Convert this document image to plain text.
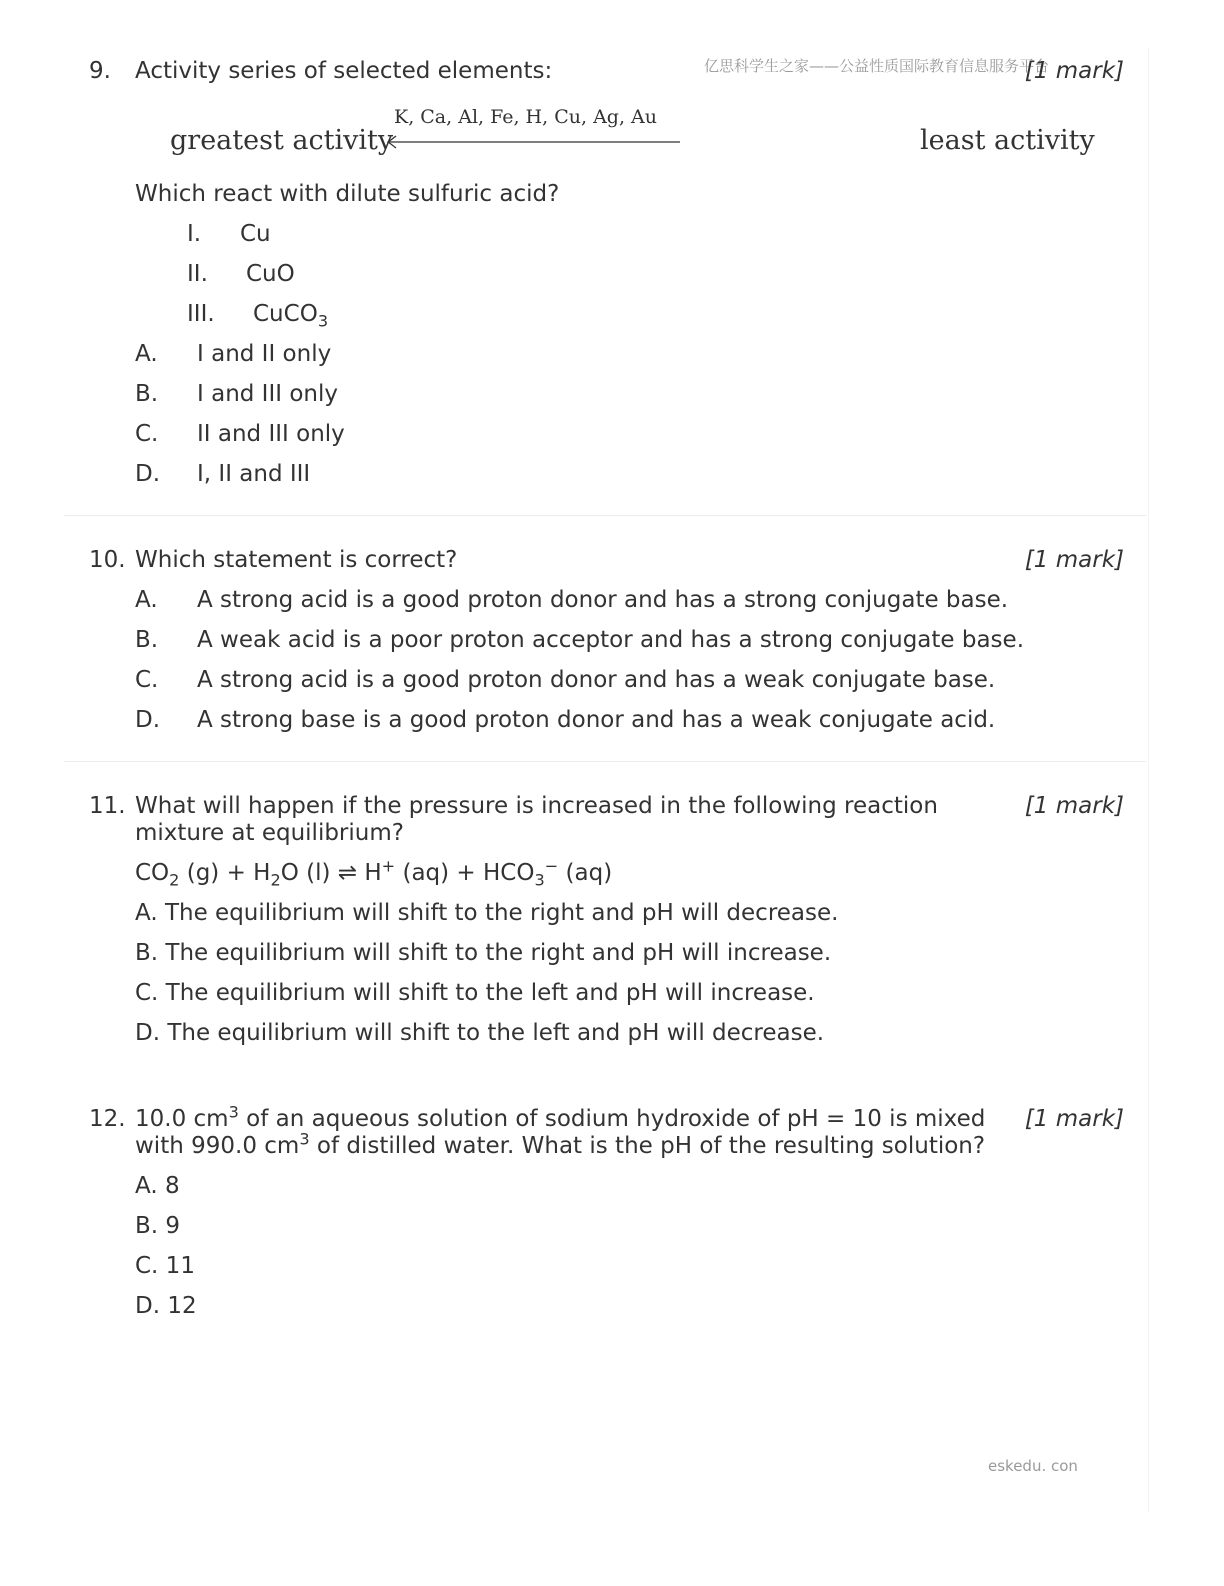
亿思科学生之家——公益性质国际教育信息服务平台
9. Activity series of selected elements:	[1 mark]
K, Ca, Al, Fe, H, Cu, Ag, Au
greatest activity	least activity
Which react with dilute sulfuric acid?
I. Cu
II. CuO
III. CuCO$_3$
A. I and II only
B. I and III only
C. II and III only
D. I, II and III
10. Which statement is correct?	[1 mark]
A. A strong acid is a good proton donor and has a strong conjugate base.
B. A weak acid is a poor proton acceptor and has a strong conjugate base.
C. A strong acid is a good proton donor and has a weak conjugate base.
D. A strong base is a good proton donor and has a weak conjugate acid.
11. What will happen if the pressure is increased in the following reaction
mixture at equilibrium?
[1 mark]
$CO_2$ $(g) + H_2O$ (l) ⇌ H+ $(aq) + HCO_3^-$ (aq)
A. The equilibrium will shift to the right and pH will decrease.
B. The equilibrium will shift to the right and pH will increase.
C. The equilibrium will shift to the left and pH will increase.
D. The equilibrium will shift to the left and pH will decrease.
12. 10.0 $cm^3$ of an aqueous solution of sodium hydroxide of pH = 10 is mixed
with 990.0 $cm^3$ of distilled water. What is the pH of the resulting solution?
[1 mark]
A. 8
B. 9
C. 11
D. 12
eskedu. con
